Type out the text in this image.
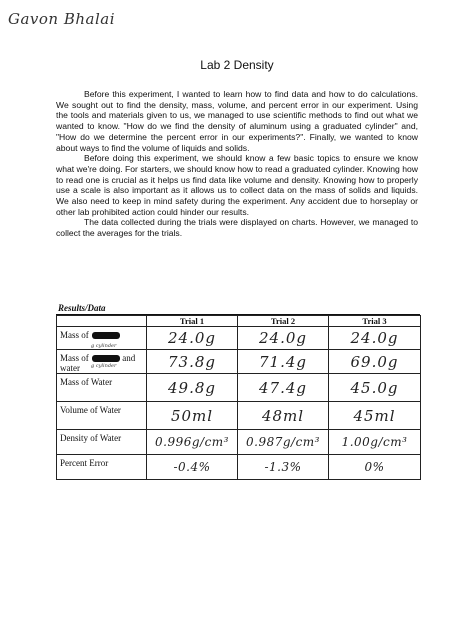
Gavon Bhalai
Lab 2 Density

Before this experiment, I wanted to learn how to find data and how to do calculations. We sought out to find the density, mass, volume, and percent error in our experiment. Using the tools and materials given to us, we managed to use scientific methods to find out what we wanted to know. "How do we find the density of aluminum using a graduated cylinder" and, "How do we determine the percent error in our experiments?". Finally, we wanted to know about ways to find the volume of liquids and solids.

Before doing this experiment, we should know a few basic topics to ensure we know what we're doing. For starters, we should know how to read a graduated cylinder. Knowing how to read one is crucial as it helps us find data like volume and density. Knowing how to properly use a scale is also important as it allows us to collect data on the mass of solids and liquids. We also need to keep in mind safety during the experiment. Any accident due to horseplay or other lab prohibited action could hinder our results.

The data collected during the trials were displayed on charts. However, we managed to collect the averages for the trials.

Results/Data
	Trial 1	Trial 2	Trial 3
Mass of
g cylinder	24.0g	24.0g	24.0g
Mass of and water g cylinder	73.8g	71.4g	69.0g
Mass of Water	49.8g	47.4g	45.0g
Volume of Water	50ml	48ml	45ml
Density of Water	0.996g/cm³	0.987g/cm³	1.00g/cm³
Percent Error	-0.4%	-1.3%	0%
